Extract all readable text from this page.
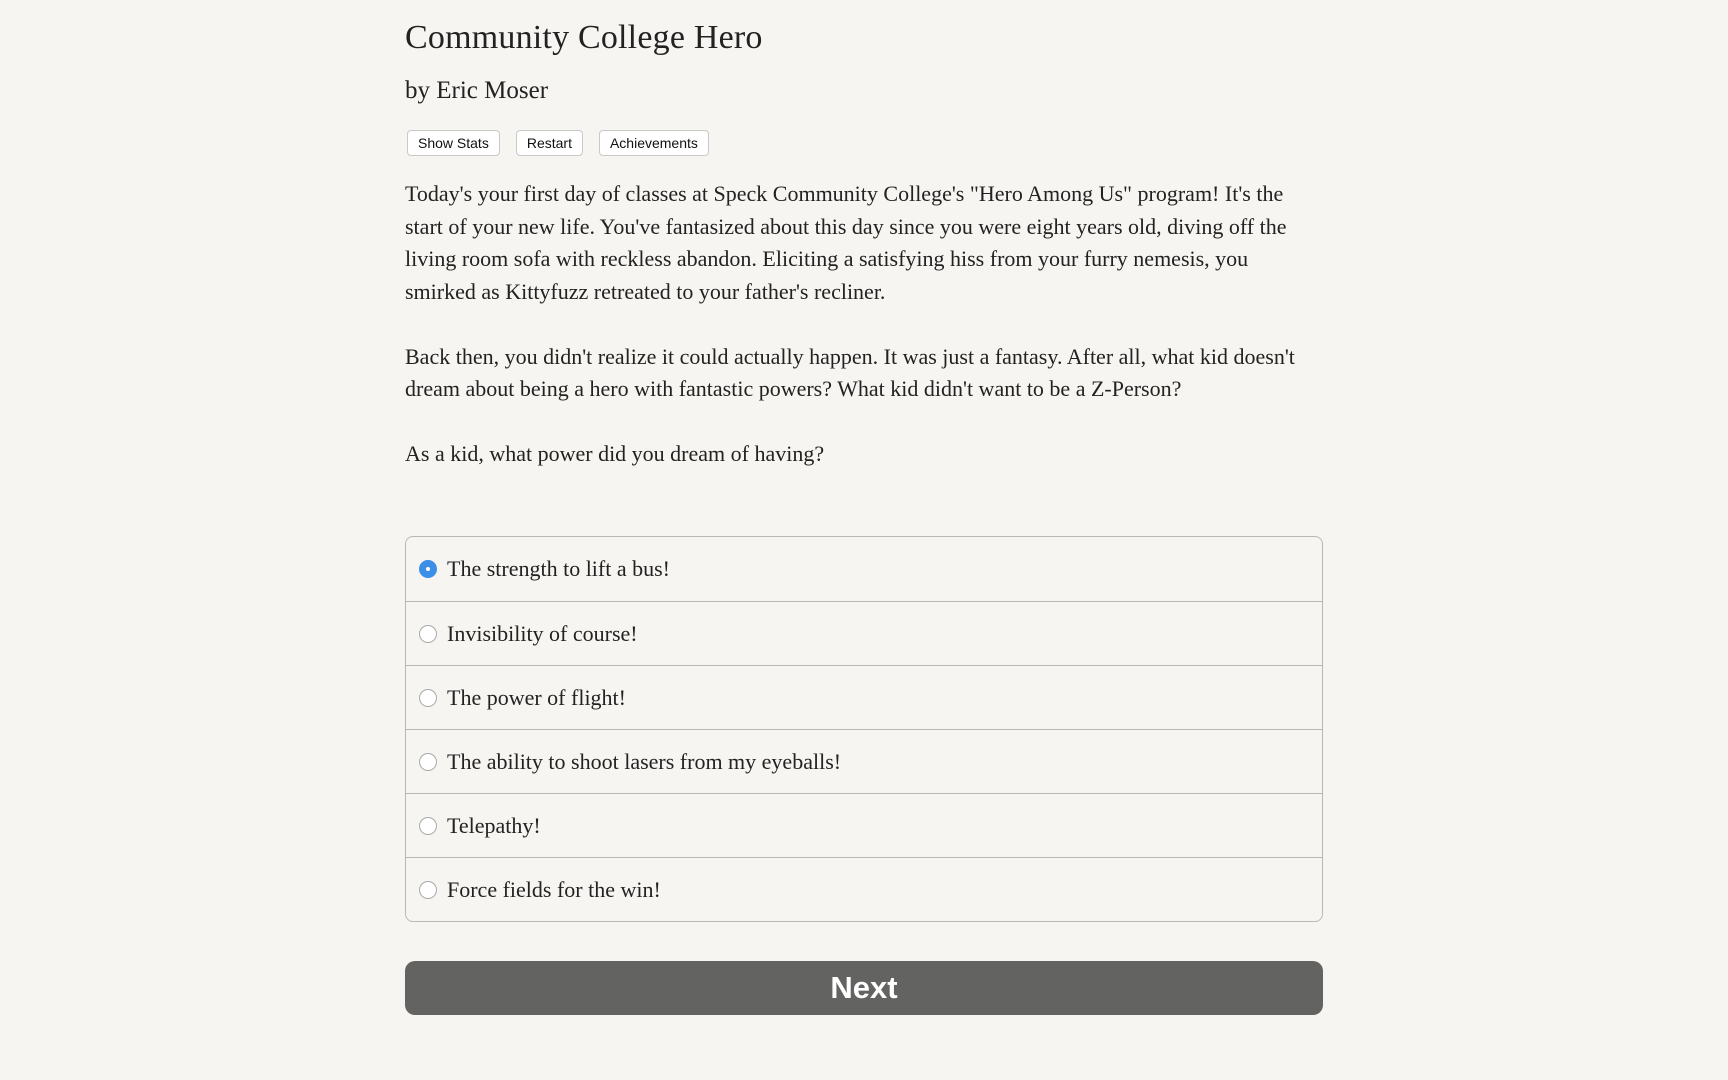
Community College Hero
by Eric Moser
Show Stats	Restart	Achievements

Today's your first day of classes at Speck Community College's "Hero Among Us" program! It's the start of your new life. You've fantasized about this day since you were eight years old, diving off the living room sofa with reckless abandon. Eliciting a satisfying hiss from your furry nemesis, you smirked as Kittyfuzz retreated to your father's recliner.

Back then, you didn't realize it could actually happen. It was just a fantasy. After all, what kid doesn't dream about being a hero with fantastic powers? What kid didn't want to be a Z-Person?

As a kid, what power did you dream of having?

The strength to lift a bus!
Invisibility of course!
The power of flight!
The ability to shoot lasers from my eyeballs!
Telepathy!
Force fields for the win!
Next
